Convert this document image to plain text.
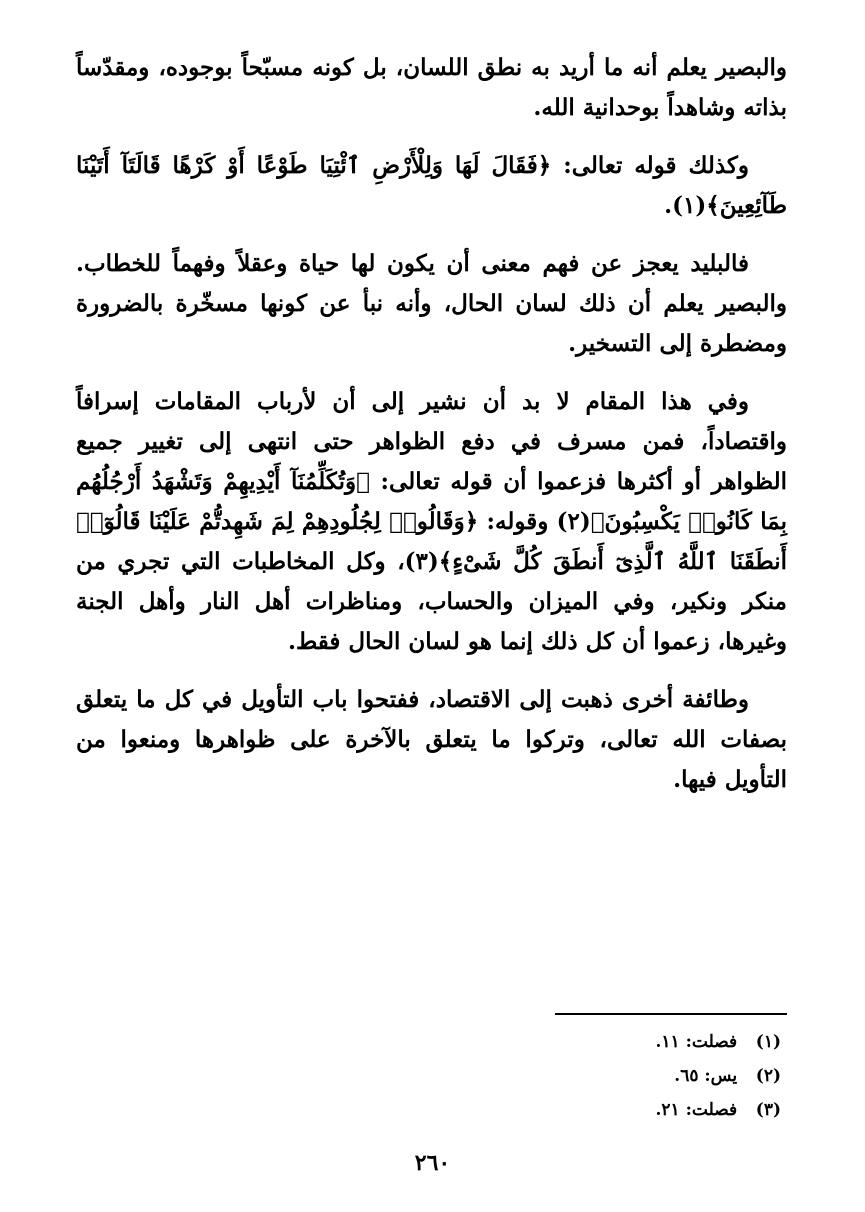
والبصير يعلم أنه ما أريد به نطق اللسان، بل كونه مسبّحاً بوجوده، ومقدّساً بذاته وشاهداً بوحدانية الله.

وكذلك قوله تعالى: ﴿فَقَالَ لَهَا وَلِلْأَرْضِ ٱئْتِيَا طَوْعًا أَوْ كَرْهًا قَالَتَآ أَتَيْنَا طَآئِعِينَ﴾(١).

فالبليد يعجز عن فهم معنى أن يكون لها حياة وعقلاً وفهماً للخطاب. والبصير يعلم أن ذلك لسان الحال، وأنه نبأ عن كونها مسخّرة بالضرورة ومضطرة إلى التسخير.

وفي هذا المقام لا بد أن نشير إلى أن لأرباب المقامات إسرافاً واقتصاداً، فمن مسرف في دفع الظواهر حتى انتهى إلى تغيير جميع الظواهر أو أكثرها فزعموا أن قوله تعالى: ﴿وَتُكَلِّمُنَآ أَيْدِيهِمْ وَتَشْهَدُ أَرْجُلُهُم بِمَا كَانُوا۟ يَكْسِبُونَ﴾(٢) وقوله: ﴿وَقَالُوا۟ لِجُلُودِهِمْ لِمَ شَهِدتُّمْ عَلَيْنَا قَالُوٓا۟ أَنطَقَنَا ٱللَّهُ ٱلَّذِىٓ أَنطَقَ كُلَّ شَىْءٍ﴾(٣)، وكل المخاطبات التي تجري من منكر ونكير، وفي الميزان والحساب، ومناظرات أهل النار وأهل الجنة وغيرها، زعموا أن كل ذلك إنما هو لسان الحال فقط.

وطائفة أخرى ذهبت إلى الاقتصاد، ففتحوا باب التأويل في كل ما يتعلق بصفات الله تعالى، وتركوا ما يتعلق بالآخرة على ظواهرها ومنعوا من التأويل فيها.

(١) فصلت: ١١.
(٢) يس: ٦٥.
(٣) فصلت: ٢١.
٢٦٠
